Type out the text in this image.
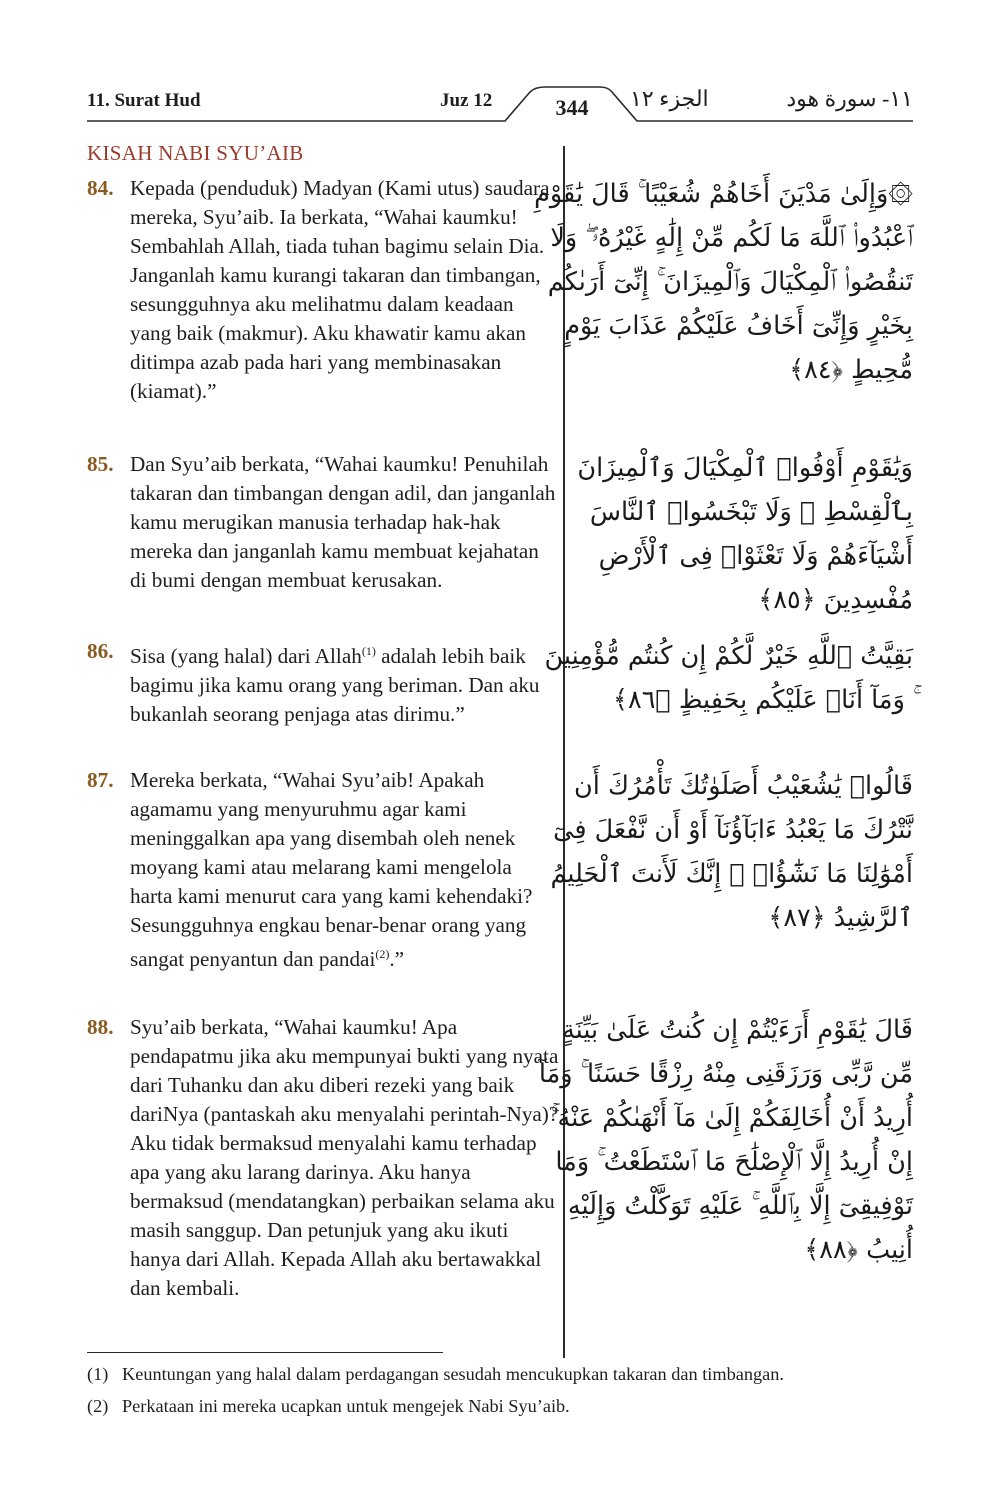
11. Surat Hud	Juz 12	344	الجزء ١٢	١١- سورة هود
KISAH NABI SYU’AIB
84. Kepada (penduduk) Madyan (Kami utus) saudara mereka, Syu’aib. Ia berkata, “Wahai kaumku! Sembahlah Allah, tiada tuhan bagimu selain Dia. Janganlah kamu kurangi takaran dan timbangan, sesungguhnya aku melihatmu dalam keadaan yang baik (makmur). Aku khawatir kamu akan ditimpa azab pada hari yang membinasakan (kiamat).”
۞وَإِلَىٰ مَدْيَنَ أَخَاهُمْ شُعَيْبًا ۚ قَالَ يَٰقَوْمِ ٱعْبُدُوا۟ ٱللَّهَ مَا لَكُم مِّنْ إِلَٰهٍ غَيْرُهُۥ ۖ وَلَا تَنقُصُوا۟ ٱلْمِكْيَالَ وَٱلْمِيزَانَ ۚ إِنِّىٓ أَرَىٰكُم بِخَيْرٍ وَإِنِّىٓ أَخَافُ عَلَيْكُمْ عَذَابَ يَوْمٍ مُّحِيطٍ ﴿٨٤﴾
85. Dan Syu’aib berkata, “Wahai kaumku! Penuhilah takaran dan timbangan dengan adil, dan janganlah kamu merugikan manusia terhadap hak-hak mereka dan janganlah kamu membuat kejahatan di bumi dengan membuat kerusakan.
وَيَٰقَوْمِ أَوْفُوا۟ ٱلْمِكْيَالَ وَٱلْمِيزَانَ بِٱلْقِسْطِ ۖ وَلَا تَبْخَسُوا۟ ٱلنَّاسَ أَشْيَآءَهُمْ وَلَا تَعْثَوْا۟ فِى ٱلْأَرْضِ مُفْسِدِينَ ﴿٨٥﴾
86. Sisa (yang halal) dari Allah$^{(1)}$ adalah lebih baik bagimu jika kamu orang yang beriman. Dan aku bukanlah seorang penjaga atas dirimu.”
بَقِيَّتُ ٱللَّهِ خَيْرٌ لَّكُمْ إِن كُنتُم مُّؤْمِنِينَ ۚ وَمَآ أَنَا۠ عَلَيْكُم بِحَفِيظٍ ﴿٨٦﴾
87. Mereka berkata, “Wahai Syu’aib! Apakah agamamu yang menyuruhmu agar kami meninggalkan apa yang disembah oleh nenek moyang kami atau melarang kami mengelola harta kami menurut cara yang kami kehendaki? Sesungguhnya engkau benar-benar orang yang sangat penyantun dan pandai$^{(2)}$.”
قَالُوا۟ يَٰشُعَيْبُ أَصَلَوٰتُكَ تَأْمُرُكَ أَن نَّتْرُكَ مَا يَعْبُدُ ءَابَآؤُنَآ أَوْ أَن نَّفْعَلَ فِىٓ أَمْوَٰلِنَا مَا نَشَٰٓؤُا۟ ۖ إِنَّكَ لَأَنتَ ٱلْحَلِيمُ ٱلرَّشِيدُ ﴿٨٧﴾
88. Syu’aib berkata, “Wahai kaumku! Apa pendapatmu jika aku mempunyai bukti yang nyata dari Tuhanku dan aku diberi rezeki yang baik dariNya (pantaskah aku menyalahi perintah-Nya)? Aku tidak bermaksud menyalahi kamu terhadap apa yang aku larang darinya. Aku hanya bermaksud (mendatangkan) perbaikan selama aku masih sanggup. Dan petunjuk yang aku ikuti hanya dari Allah. Kepada Allah aku bertawakkal dan kembali.
قَالَ يَٰقَوْمِ أَرَءَيْتُمْ إِن كُنتُ عَلَىٰ بَيِّنَةٍ مِّن رَّبِّى وَرَزَقَنِى مِنْهُ رِزْقًا حَسَنًا ۚ وَمَآ أُرِيدُ أَنْ أُخَالِفَكُمْ إِلَىٰ مَآ أَنْهَىٰكُمْ عَنْهُ ۚ إِنْ أُرِيدُ إِلَّا ٱلْإِصْلَٰحَ مَا ٱسْتَطَعْتُ ۚ وَمَا تَوْفِيقِىٓ إِلَّا بِٱللَّهِ ۚ عَلَيْهِ تَوَكَّلْتُ وَإِلَيْهِ أُنِيبُ ﴿٨٨﴾
(1) Keuntungan yang halal dalam perdagangan sesudah mencukupkan takaran dan timbangan.
(2) Perkataan ini mereka ucapkan untuk mengejek Nabi Syu’aib.
